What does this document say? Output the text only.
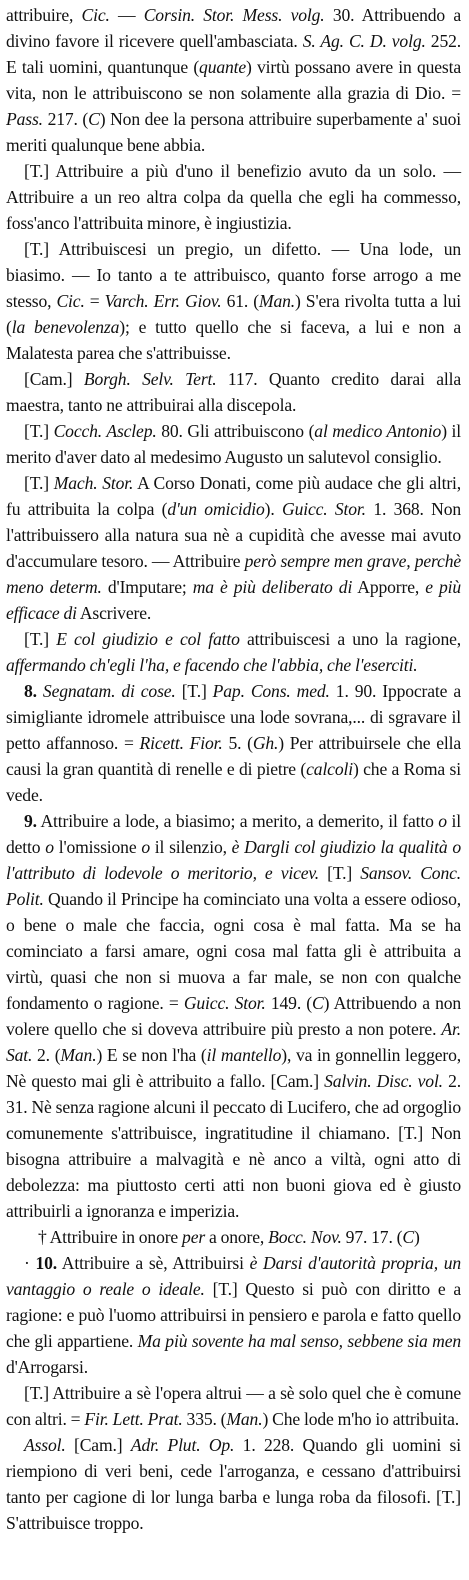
attribuire, Cic. — Corsin. Stor. Mess. volg. 30. Attribuendo a divino favore il ricevere quell'ambasciata. S. Ag. C. D. volg. 252. E tali uomini, quantunque (quante) virtù possano avere in questa vita, non le attribuiscono se non solamente alla grazia di Dio. = Pass. 217. (C) Non dee la persona attribuire superbamente a' suoi meriti qualunque bene abbia.

[T.] Attribuire a più d'uno il benefizio avuto da un solo. — Attribuire a un reo altra colpa da quella che egli ha commesso, foss'anco l'attribuita minore, è ingiustizia.

[T.] Attribuiscesi un pregio, un difetto. — Una lode, un biasimo. — Io tanto a te attribuisco, quanto forse arrogo a me stesso, Cic. = Varch. Err. Giov. 61. (Man.) S'era rivolta tutta a lui (la benevolenza); e tutto quello che si faceva, a lui e non a Malatesta parea che s'attribuisse.

[Cam.] Borgh. Selv. Tert. 117. Quanto credito darai alla maestra, tanto ne attribuirai alla discepola.

[T.] Cocch. Asclep. 80. Gli attribuiscono (al medico Antonio) il merito d'aver dato al medesimo Augusto un salutevol consiglio.

[T.] Mach. Stor. A Corso Donati, come più audace che gli altri, fu attribuita la colpa (d'un omicidio). Guicc. Stor. 1. 368. Non l'attribuissero alla natura sua nè a cupidità che avesse mai avuto d'accumulare tesoro. — Attribuire però sempre men grave, perchè meno determ. d'Imputare; ma è più deliberato di Apporre, e più efficace di Ascrivere.

[T.] E col giudizio e col fatto attribuiscesi a uno la ragione, affermando ch'egli l'ha, e facendo che l'abbia, che l'eserciti.

8. Segnatam. di cose. [T.] Pap. Cons. med. 1. 90. Ippocrate a simigliante idromele attribuisce una lode sovrana,... di sgravare il petto affannoso. = Ricett. Fior. 5. (Gh.) Per attribuirsele che ella causi la gran quantità di renelle e di pietre (calcoli) che a Roma si vede.

9. Attribuire a lode, a biasimo; a merito, a demerito, il fatto o il detto o l'omissione o il silenzio, è Dargli col giudizio la qualità o l'attributo di lodevole o meritorio, e vicev. [T.] Sansov. Conc. Polit. Quando il Principe ha cominciato una volta a essere odioso, o bene o male che faccia, ogni cosa è mal fatta. Ma se ha cominciato a farsi amare, ogni cosa mal fatta gli è attribuita a virtù, quasi che non si muova a far male, se non con qualche fondamento o ragione. = Guicc. Stor. 149. (C) Attribuendo a non volere quello che si doveva attribuire più presto a non potere. Ar. Sat. 2. (Man.) E se non l'ha (il mantello), va in gonnellin leggero, Nè questo mai gli è attribuito a fallo. [Cam.] Salvin. Disc. vol. 2. 31. Nè senza ragione alcuni il peccato di Lucifero, che ad orgoglio comunemente s'attribuisce, ingratitudine il chiamano. [T.] Non bisogna attribuire a malvagità e nè anco a viltà, ogni atto di debolezza: ma piuttosto certi atti non buoni giova ed è giusto attribuirli a ignoranza e imperizia.

† Attribuire in onore per a onore, Bocc. Nov. 97. 17. (C)

· 10. Attribuire a sè, Attribuirsi è Darsi d'autorità propria, un vantaggio o reale o ideale. [T.] Questo si può con diritto e a ragione: e può l'uomo attribuirsi in pensiero e parola e fatto quello che gli appartiene. Ma più sovente ha mal senso, sebbene sia men d'Arrogarsi.

[T.] Attribuire a sè l'opera altrui — a sè solo quel che è comune con altri. = Fir. Lett. Prat. 335. (Man.) Che lode m'ho io attribuita.

Assol. [Cam.] Adr. Plut. Op. 1. 228. Quando gli uomini si riempiono di veri beni, cede l'arroganza, e cessano d'attribuirsi tanto per cagione di lor lunga barba e lunga roba da filosofi. [T.] S'attribuisce troppo.
